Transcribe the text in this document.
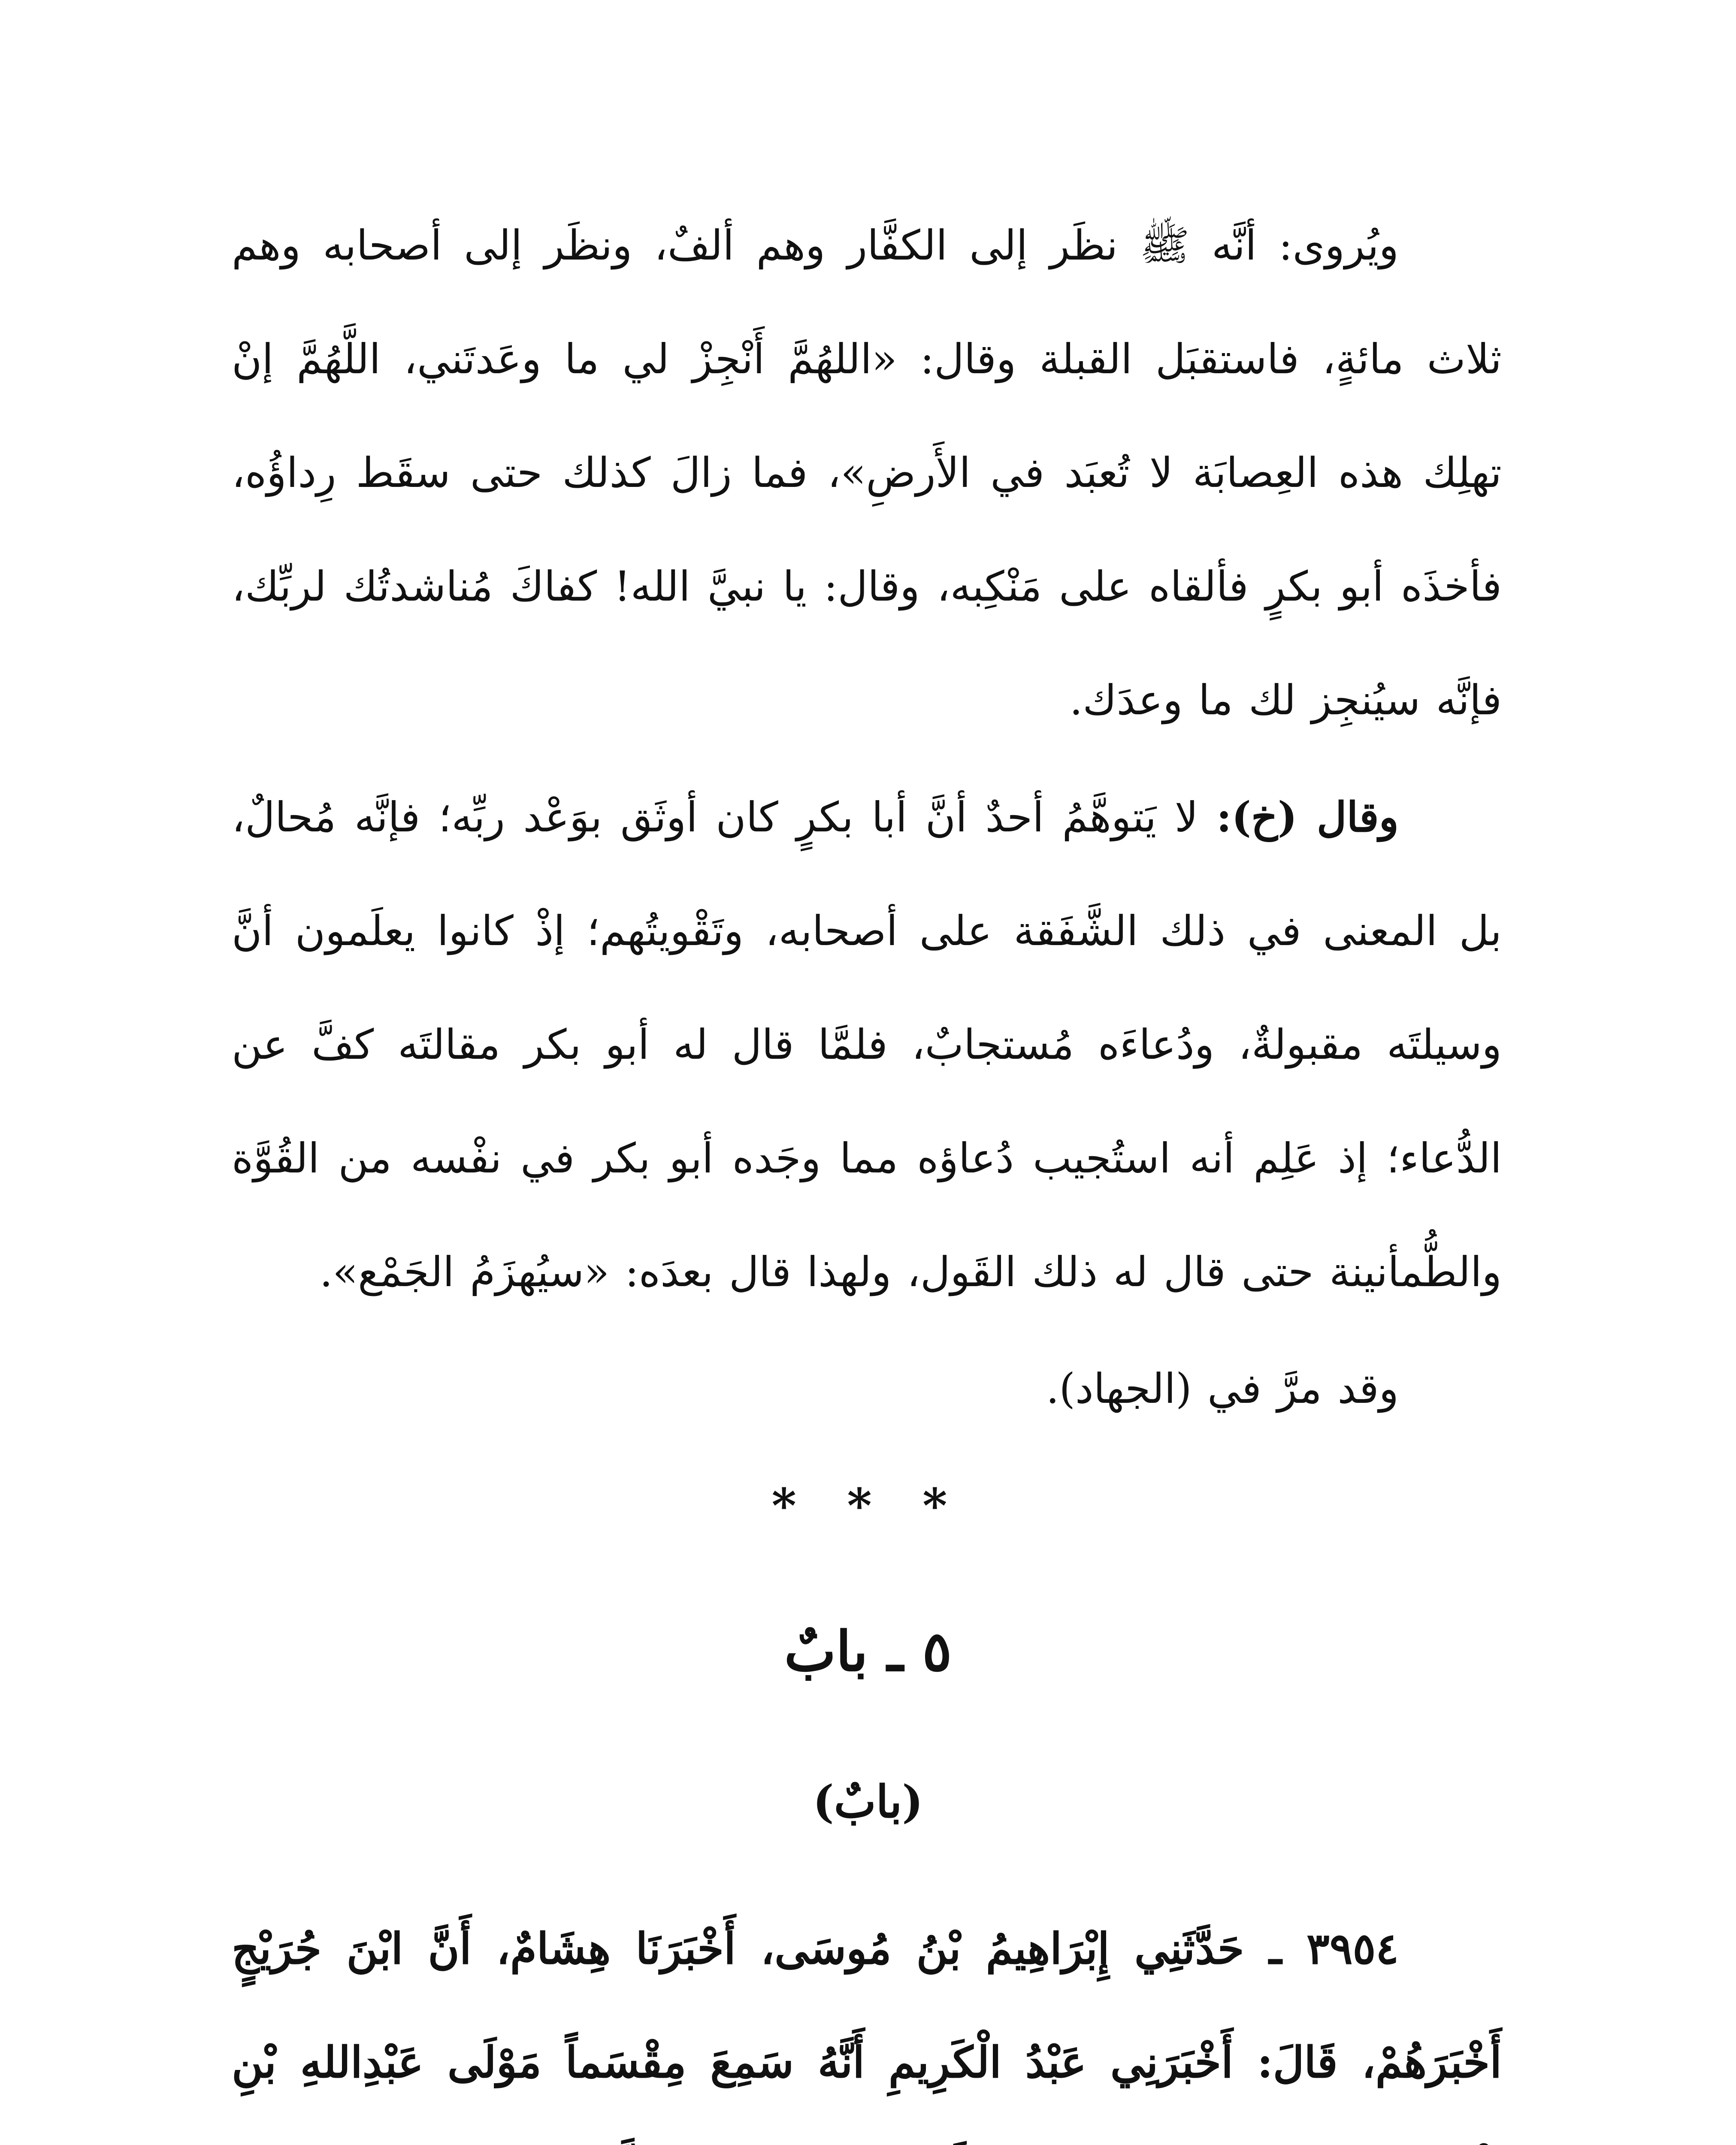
ويُروى: أنَّه ﷺ نظَر إلى الكفَّار وهم ألفٌ، ونظَر إلى أصحابه وهم ثلاث مائةٍ، فاستقبَل القبلة وقال: «اللهُمَّ أَنْجِزْ لي ما وعَدتَني، اللَّهُمَّ إنْ تهلِك هذه العِصابَة لا تُعبَد في الأَرضِ»، فما زالَ كذلك حتى سقَط رِداؤُه، فأخذَه أبو بكرٍ فألقاه على مَنْكِبه، وقال: يا نبيَّ الله! كفاكَ مُناشدتُك لربِّك، فإنَّه سيُنجِز لك ما وعدَك.

وقال (خ): لا يَتوهَّمُ أحدٌ أنَّ أبا بكرٍ كان أوثَق بوَعْد ربِّه؛ فإنَّه مُحالٌ، بل المعنى في ذلك الشَّفَقة على أصحابه، وتَقْويتُهم؛ إذْ كانوا يعلَمون أنَّ وسيلتَه مقبولةٌ، ودُعاءَه مُستجابٌ، فلمَّا قال له أبو بكر مقالتَه كفَّ عن الدُّعاء؛ إذ عَلِم أنه استُجيب دُعاؤه مما وجَده أبو بكر في نفْسه من القُوَّة والطُّمأنينة حتى قال له ذلك القَول، ولهذا قال بعدَه: «سيُهزَمُ الجَمْع».

وقد مرَّ في (الجهاد).

* * *
٥ ـ بابٌ
(بابٌ)

٣٩٥٤ ـ حَدَّثَنِي إِبْرَاهِيمُ بْنُ مُوسَى، أَخْبَرَنَا هِشَامٌ، أَنَّ ابْنَ جُرَيْجٍ أَخْبَرَهُمْ، قَالَ: أَخْبَرَنِي عَبْدُ الْكَرِيمِ أَنَّهُ سَمِعَ مِقْسَماً مَوْلَى عَبْدِاللهِ بْنِ
